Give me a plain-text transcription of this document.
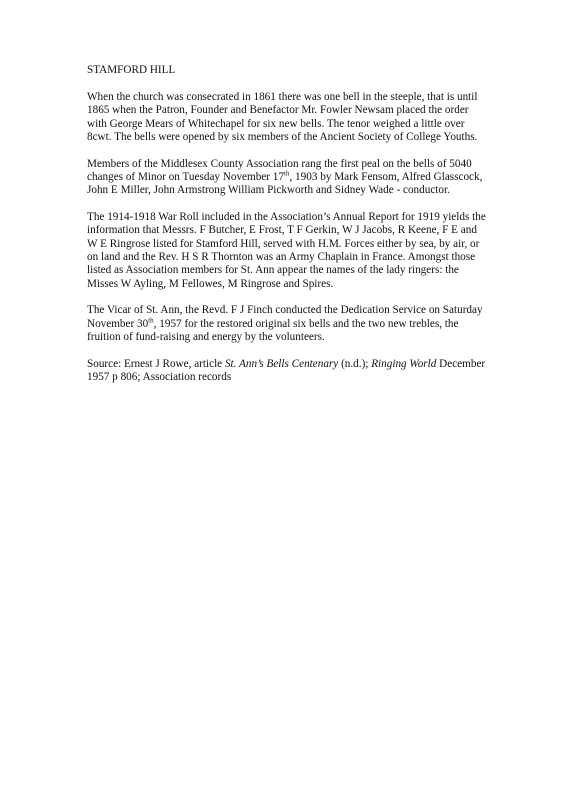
STAMFORD HILL

When the church was consecrated in 1861 there was one bell in the steeple, that is until 1865 when the Patron, Founder and Benefactor Mr. Fowler Newsam placed the order with George Mears of Whitechapel for six new bells. The tenor weighed a little over 8cwt. The bells were opened by six members of the Ancient Society of College Youths.

Members of the Middlesex County Association rang the first peal on the bells of 5040 changes of Minor on Tuesday November 17th, 1903 by Mark Fensom, Alfred Glasscock, John E Miller, John Armstrong William Pickworth and Sidney Wade - conductor.

The 1914-1918 War Roll included in the Association’s Annual Report for 1919 yields the information that Messrs. F Butcher, E Frost, T F Gerkin, W J Jacobs, R Keene, F E and W E Ringrose listed for Stamford Hill, served with H.M. Forces either by sea, by air, or on land and the Rev. H S R Thornton was an Army Chaplain in France. Amongst those listed as Association members for St. Ann appear the names of the lady ringers: the Misses W Ayling, M Fellowes, M Ringrose and Spires.

The Vicar of St. Ann, the Revd. F J Finch conducted the Dedication Service on Saturday November 30th, 1957 for the restored original six bells and the two new trebles, the fruition of fund-raising and energy by the volunteers.

Source: Ernest J Rowe, article St. Ann’s Bells Centenary (n.d.); Ringing World December 1957 p 806; Association records
